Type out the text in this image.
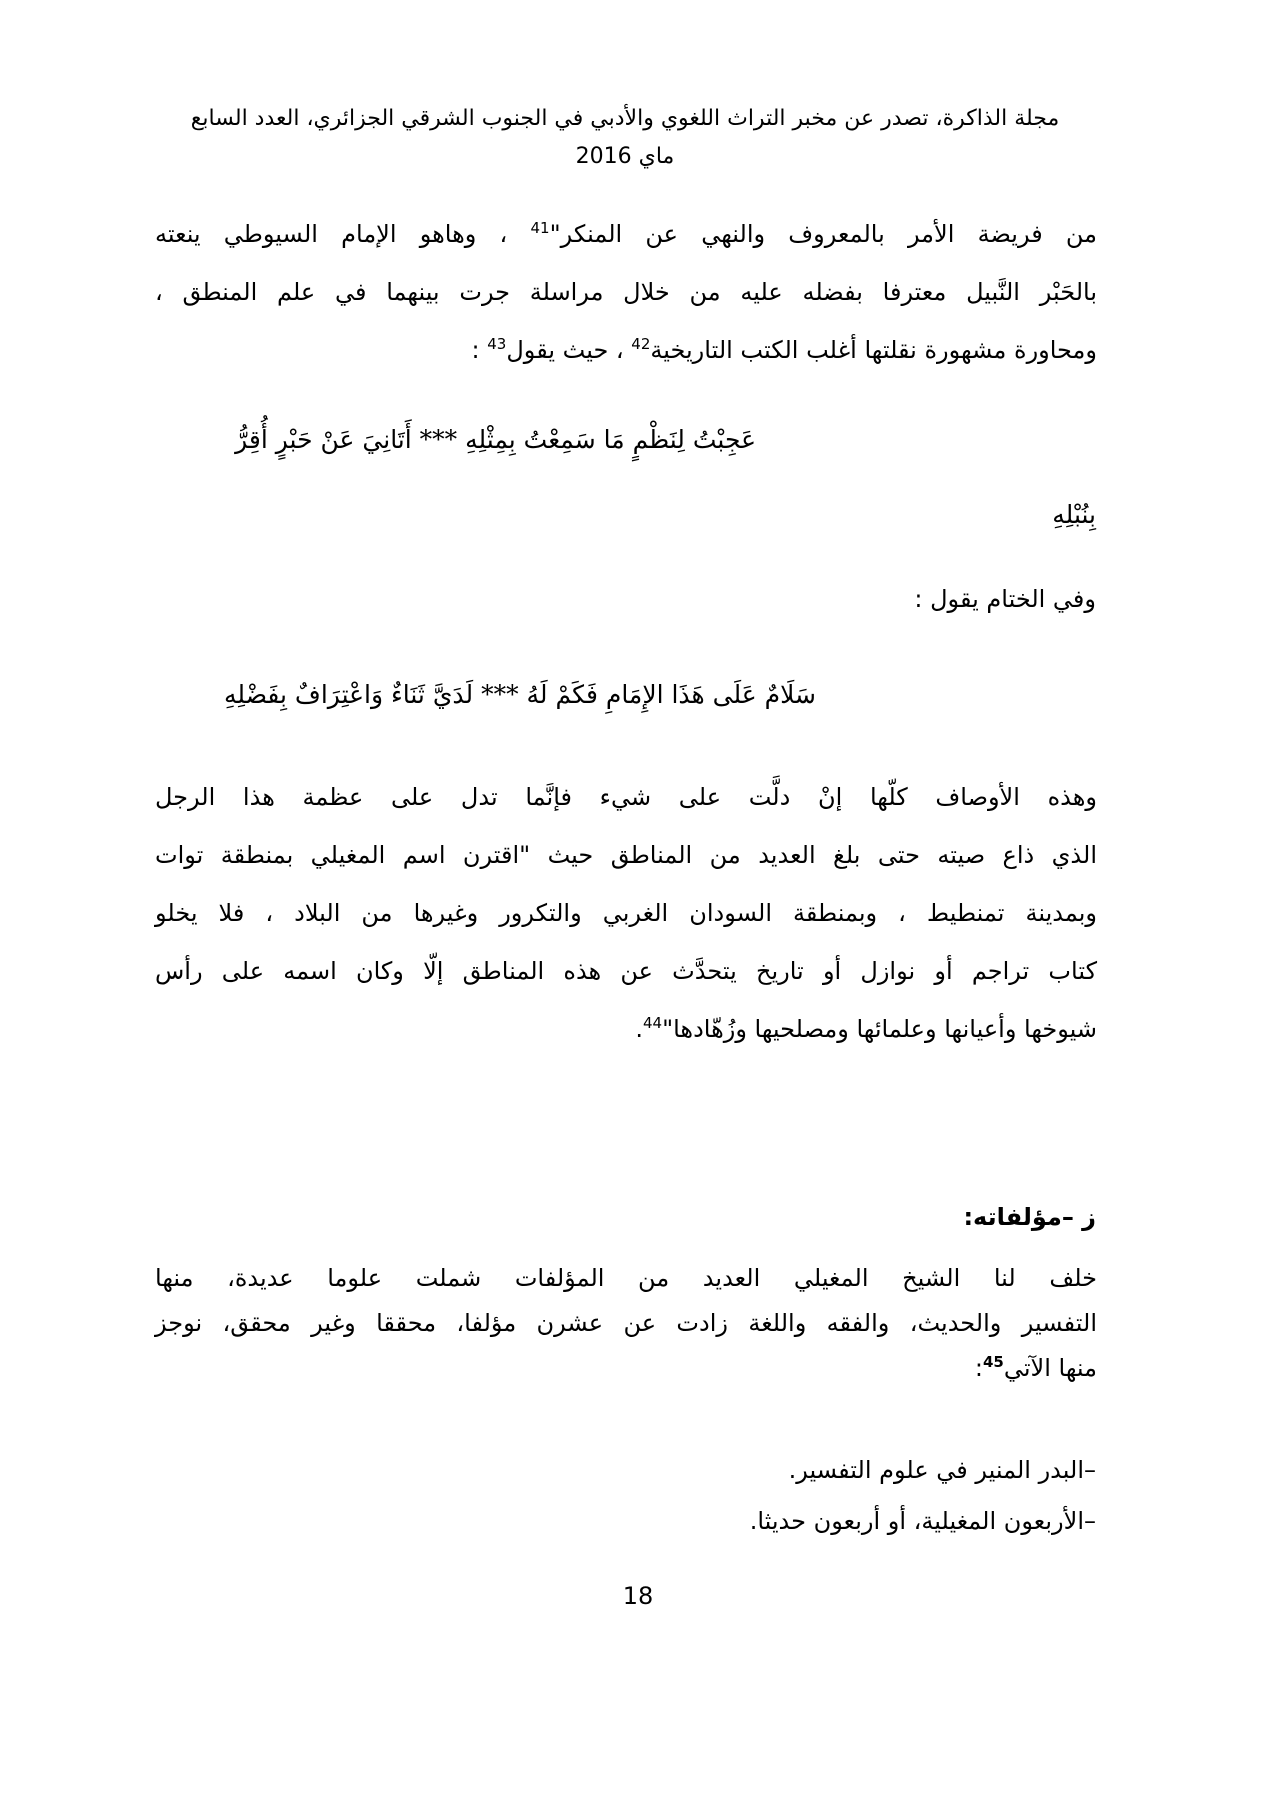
مجلة الذاكرة، تصدر عن مخبر التراث اللغوي والأدبي في الجنوب الشرقي الجزائري، العدد السابع
ماي 2016
من فريضة الأمر بالمعروف والنهي عن المنكر"$^{41}$ ، وهاهو الإمام السيوطي ينعته
بالحَبْر النَّبيل معترفا بفضله عليه من خلال مراسلة جرت بينهما في علم المنطق ،
ومحاورة مشهورة نقلتها أغلب الكتب التاريخية$^{42}$ ، حيث يقول$^{43}$ :
عَجِبْتُ لِنَظْمٍ مَا سَمِعْتُ بِمِثْلِهِ *** أَتَانِيَ عَنْ حَبْرٍ أُقِرُّ
بِنُبْلِهِ
وفي الختام يقول :
سَلَامٌ عَلَى هَذَا الإِمَامِ فَكَمْ لَهُ *** لَدَيَّ ثَنَاءٌ وَاعْتِرَافٌ بِفَضْلِهِ
وهذه الأوصاف كلّها إنْ دلَّت على شيء فإنَّما تدل على عظمة هذا الرجل
الذي ذاع صيته حتى بلغ العديد من المناطق حيث "اقترن اسم المغيلي بمنطقة توات
وبمدينة تمنطيط ، وبمنطقة السودان الغربي والتكرور وغيرها من البلاد ، فلا يخلو
كتاب تراجم أو نوازل أو تاريخ يتحدَّث عن هذه المناطق إلّا وكان اسمه على رأس
شيوخها وأعيانها وعلمائها ومصلحيها وزُهّادها"$^{44}$.
ز –مؤلفاته:
خلف لنا الشيخ المغيلي العديد من المؤلفات شملت علوما عديدة، منها
التفسير والحديث، والفقه واللغة زادت عن عشرن مؤلفا، محققا وغير محقق، نوجز
منها الآتي$^{45}$:
–البدر المنير في علوم التفسير.
–الأربعون المغيلية، أو أربعون حديثا.
18
